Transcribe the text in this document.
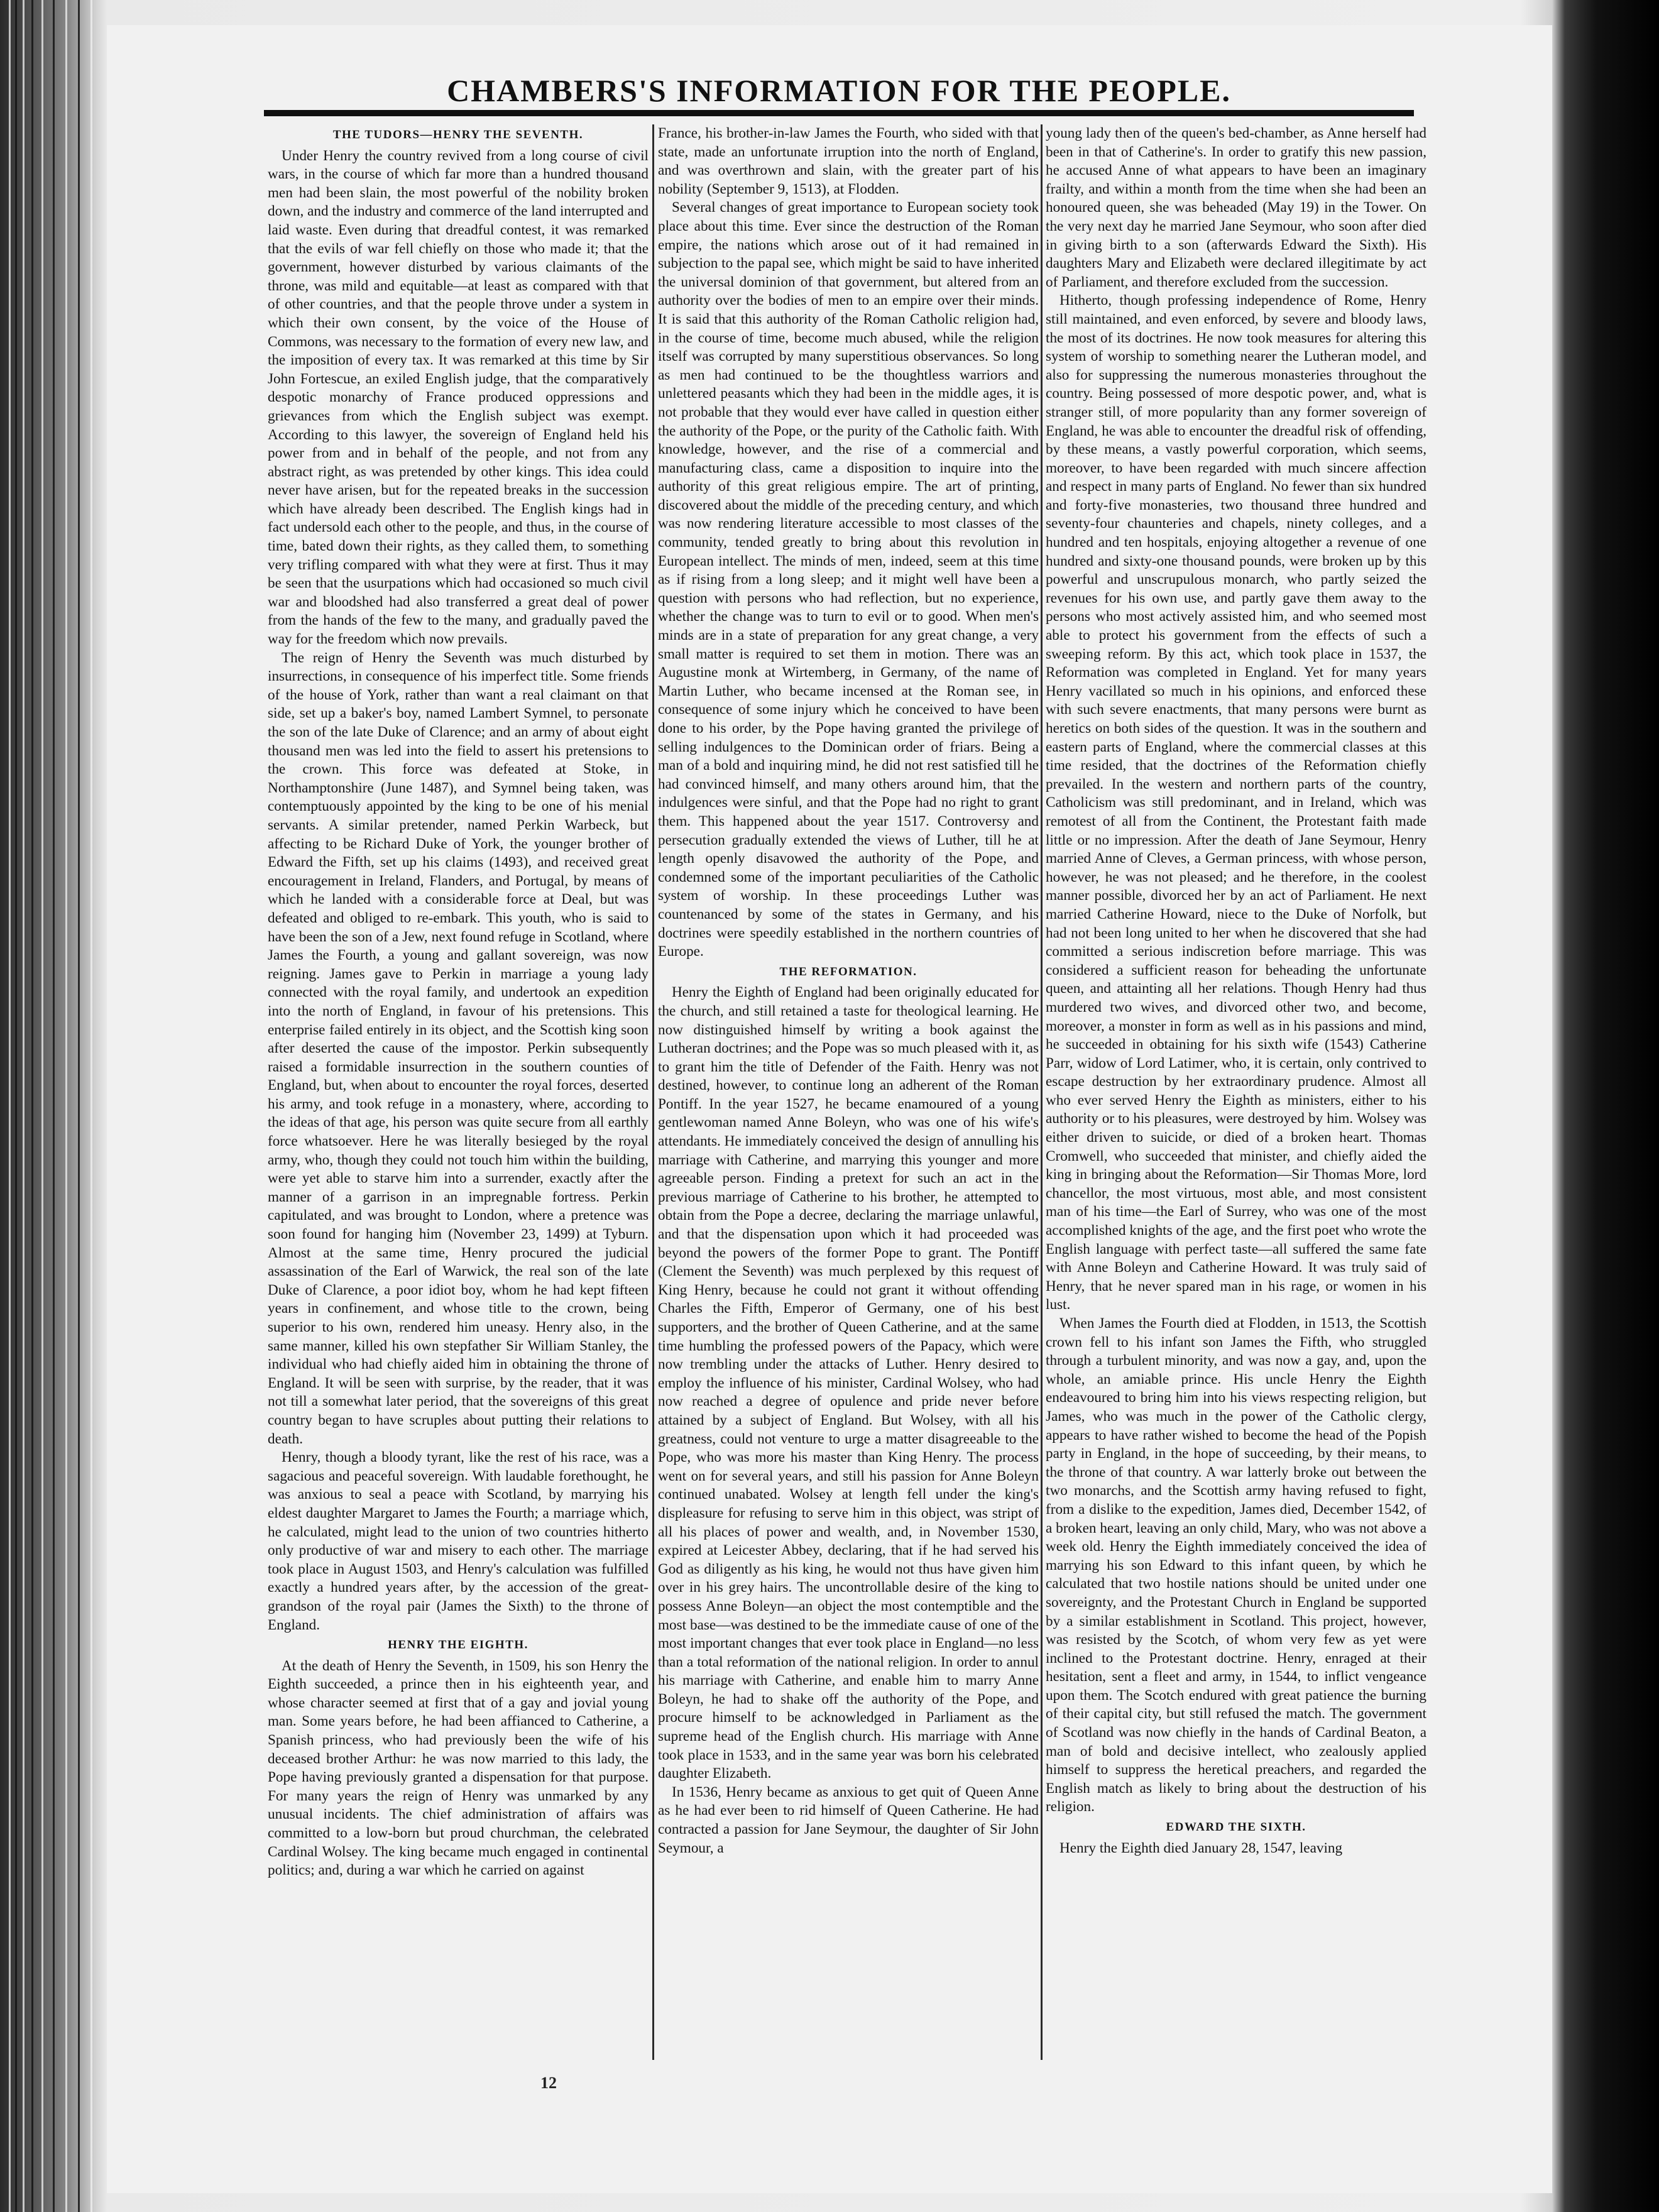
CHAMBERS'S INFORMATION FOR THE PEOPLE.
THE TUDORS—HENRY THE SEVENTH.

Under Henry the country revived from a long course of civil wars, in the course of which far more than a hundred thousand men had been slain, the most powerful of the nobility broken down, and the industry and commerce of the land interrupted and laid waste. Even during that dreadful contest, it was remarked that the evils of war fell chiefly on those who made it; that the government, however disturbed by various claimants of the throne, was mild and equitable—at least as compared with that of other countries, and that the people throve under a system in which their own consent, by the voice of the House of Commons, was necessary to the formation of every new law, and the imposition of every tax. It was remarked at this time by Sir John Fortescue, an exiled English judge, that the comparatively despotic monarchy of France produced oppressions and grievances from which the English subject was exempt. According to this lawyer, the sovereign of England held his power from and in behalf of the people, and not from any abstract right, as was pretended by other kings. This idea could never have arisen, but for the repeated breaks in the succession which have already been described. The English kings had in fact undersold each other to the people, and thus, in the course of time, bated down their rights, as they called them, to something very trifling compared with what they were at first. Thus it may be seen that the usurpations which had occasioned so much civil war and bloodshed had also transferred a great deal of power from the hands of the few to the many, and gradually paved the way for the freedom which now prevails.

The reign of Henry the Seventh was much disturbed by insurrections, in consequence of his imperfect title. Some friends of the house of York, rather than want a real claimant on that side, set up a baker's boy, named Lambert Symnel, to personate the son of the late Duke of Clarence; and an army of about eight thousand men was led into the field to assert his pretensions to the crown. This force was defeated at Stoke, in Northamptonshire (June 1487), and Symnel being taken, was contemptuously appointed by the king to be one of his menial servants. A similar pretender, named Perkin Warbeck, but affecting to be Richard Duke of York, the younger brother of Edward the Fifth, set up his claims (1493), and received great encouragement in Ireland, Flanders, and Portugal, by means of which he landed with a considerable force at Deal, but was defeated and obliged to re-embark. This youth, who is said to have been the son of a Jew, next found refuge in Scotland, where James the Fourth, a young and gallant sovereign, was now reigning. James gave to Perkin in marriage a young lady connected with the royal family, and undertook an expedition into the north of England, in favour of his pretensions. This enterprise failed entirely in its object, and the Scottish king soon after deserted the cause of the impostor. Perkin subsequently raised a formidable insurrection in the southern counties of England, but, when about to encounter the royal forces, deserted his army, and took refuge in a monastery, where, according to the ideas of that age, his person was quite secure from all earthly force whatsoever. Here he was literally besieged by the royal army, who, though they could not touch him within the building, were yet able to starve him into a surrender, exactly after the manner of a garrison in an impregnable fortress. Perkin capitulated, and was brought to London, where a pretence was soon found for hanging him (November 23, 1499) at Tyburn. Almost at the same time, Henry procured the judicial assassination of the Earl of Warwick, the real son of the late Duke of Clarence, a poor idiot boy, whom he had kept fifteen years in confinement, and whose title to the crown, being superior to his own, rendered him uneasy. Henry also, in the same manner, killed his own stepfather Sir William Stanley, the individual who had chiefly aided him in obtaining the throne of England. It will be seen with surprise, by the reader, that it was not till a somewhat later period, that the sovereigns of this great country began to have scruples about putting their relations to death.

Henry, though a bloody tyrant, like the rest of his race, was a sagacious and peaceful sovereign. With laudable forethought, he was anxious to seal a peace with Scotland, by marrying his eldest daughter Margaret to James the Fourth; a marriage which, he calculated, might lead to the union of two countries hitherto only productive of war and misery to each other. The marriage took place in August 1503, and Henry's calculation was fulfilled exactly a hundred years after, by the accession of the great-grandson of the royal pair (James the Sixth) to the throne of England.

HENRY THE EIGHTH.

At the death of Henry the Seventh, in 1509, his son Henry the Eighth succeeded, a prince then in his eighteenth year, and whose character seemed at first that of a gay and jovial young man. Some years before, he had been affianced to Catherine, a Spanish princess, who had previously been the wife of his deceased brother Arthur: he was now married to this lady, the Pope having previously granted a dispensation for that purpose. For many years the reign of Henry was unmarked by any unusual incidents. The chief administration of affairs was committed to a low-born but proud churchman, the celebrated Cardinal Wolsey. The king became much engaged in continental politics; and, during a war which he carried on against

France, his brother-in-law James the Fourth, who sided with that state, made an unfortunate irruption into the north of England, and was overthrown and slain, with the greater part of his nobility (September 9, 1513), at Flodden.

Several changes of great importance to European society took place about this time. Ever since the destruction of the Roman empire, the nations which arose out of it had remained in subjection to the papal see, which might be said to have inherited the universal dominion of that government, but altered from an authority over the bodies of men to an empire over their minds. It is said that this authority of the Roman Catholic religion had, in the course of time, become much abused, while the religion itself was corrupted by many superstitious observances. So long as men had continued to be the thoughtless warriors and unlettered peasants which they had been in the middle ages, it is not probable that they would ever have called in question either the authority of the Pope, or the purity of the Catholic faith. With knowledge, however, and the rise of a commercial and manufacturing class, came a disposition to inquire into the authority of this great religious empire. The art of printing, discovered about the middle of the preceding century, and which was now rendering literature accessible to most classes of the community, tended greatly to bring about this revolution in European intellect. The minds of men, indeed, seem at this time as if rising from a long sleep; and it might well have been a question with persons who had reflection, but no experience, whether the change was to turn to evil or to good. When men's minds are in a state of preparation for any great change, a very small matter is required to set them in motion. There was an Augustine monk at Wirtemberg, in Germany, of the name of Martin Luther, who became incensed at the Roman see, in consequence of some injury which he conceived to have been done to his order, by the Pope having granted the privilege of selling indulgences to the Dominican order of friars. Being a man of a bold and inquiring mind, he did not rest satisfied till he had convinced himself, and many others around him, that the indulgences were sinful, and that the Pope had no right to grant them. This happened about the year 1517. Controversy and persecution gradually extended the views of Luther, till he at length openly disavowed the authority of the Pope, and condemned some of the important peculiarities of the Catholic system of worship. In these proceedings Luther was countenanced by some of the states in Germany, and his doctrines were speedily established in the northern countries of Europe.

THE REFORMATION.

Henry the Eighth of England had been originally educated for the church, and still retained a taste for theological learning. He now distinguished himself by writing a book against the Lutheran doctrines; and the Pope was so much pleased with it, as to grant him the title of Defender of the Faith. Henry was not destined, however, to continue long an adherent of the Roman Pontiff. In the year 1527, he became enamoured of a young gentlewoman named Anne Boleyn, who was one of his wife's attendants. He immediately conceived the design of annulling his marriage with Catherine, and marrying this younger and more agreeable person. Finding a pretext for such an act in the previous marriage of Catherine to his brother, he attempted to obtain from the Pope a decree, declaring the marriage unlawful, and that the dispensation upon which it had proceeded was beyond the powers of the former Pope to grant. The Pontiff (Clement the Seventh) was much perplexed by this request of King Henry, because he could not grant it without offending Charles the Fifth, Emperor of Germany, one of his best supporters, and the brother of Queen Catherine, and at the same time humbling the professed powers of the Papacy, which were now trembling under the attacks of Luther. Henry desired to employ the influence of his minister, Cardinal Wolsey, who had now reached a degree of opulence and pride never before attained by a subject of England. But Wolsey, with all his greatness, could not venture to urge a matter disagreeable to the Pope, who was more his master than King Henry. The process went on for several years, and still his passion for Anne Boleyn continued unabated. Wolsey at length fell under the king's displeasure for refusing to serve him in this object, was stript of all his places of power and wealth, and, in November 1530, expired at Leicester Abbey, declaring, that if he had served his God as diligently as his king, he would not thus have given him over in his grey hairs. The uncontrollable desire of the king to possess Anne Boleyn—an object the most contemptible and the most base—was destined to be the immediate cause of one of the most important changes that ever took place in England—no less than a total reformation of the national religion. In order to annul his marriage with Catherine, and enable him to marry Anne Boleyn, he had to shake off the authority of the Pope, and procure himself to be acknowledged in Parliament as the supreme head of the English church. His marriage with Anne took place in 1533, and in the same year was born his celebrated daughter Elizabeth.

In 1536, Henry became as anxious to get quit of Queen Anne as he had ever been to rid himself of Queen Catherine. He had contracted a passion for Jane Seymour, the daughter of Sir John Seymour, a

young lady then of the queen's bed-chamber, as Anne herself had been in that of Catherine's. In order to gratify this new passion, he accused Anne of what appears to have been an imaginary frailty, and within a month from the time when she had been an honoured queen, she was beheaded (May 19) in the Tower. On the very next day he married Jane Seymour, who soon after died in giving birth to a son (afterwards Edward the Sixth). His daughters Mary and Elizabeth were declared illegitimate by act of Parliament, and therefore excluded from the succession.

Hitherto, though professing independence of Rome, Henry still maintained, and even enforced, by severe and bloody laws, the most of its doctrines. He now took measures for altering this system of worship to something nearer the Lutheran model, and also for suppressing the numerous monasteries throughout the country. Being possessed of more despotic power, and, what is stranger still, of more popularity than any former sovereign of England, he was able to encounter the dreadful risk of offending, by these means, a vastly powerful corporation, which seems, moreover, to have been regarded with much sincere affection and respect in many parts of England. No fewer than six hundred and forty-five monasteries, two thousand three hundred and seventy-four chaunteries and chapels, ninety colleges, and a hundred and ten hospitals, enjoying altogether a revenue of one hundred and sixty-one thousand pounds, were broken up by this powerful and unscrupulous monarch, who partly seized the revenues for his own use, and partly gave them away to the persons who most actively assisted him, and who seemed most able to protect his government from the effects of such a sweeping reform. By this act, which took place in 1537, the Reformation was completed in England. Yet for many years Henry vacillated so much in his opinions, and enforced these with such severe enactments, that many persons were burnt as heretics on both sides of the question. It was in the southern and eastern parts of England, where the commercial classes at this time resided, that the doctrines of the Reformation chiefly prevailed. In the western and northern parts of the country, Catholicism was still predominant, and in Ireland, which was remotest of all from the Continent, the Protestant faith made little or no impression. After the death of Jane Seymour, Henry married Anne of Cleves, a German princess, with whose person, however, he was not pleased; and he therefore, in the coolest manner possible, divorced her by an act of Parliament. He next married Catherine Howard, niece to the Duke of Norfolk, but had not been long united to her when he discovered that she had committed a serious indiscretion before marriage. This was considered a sufficient reason for beheading the unfortunate queen, and attainting all her relations. Though Henry had thus murdered two wives, and divorced other two, and become, moreover, a monster in form as well as in his passions and mind, he succeeded in obtaining for his sixth wife (1543) Catherine Parr, widow of Lord Latimer, who, it is certain, only contrived to escape destruction by her extraordinary prudence. Almost all who ever served Henry the Eighth as ministers, either to his authority or to his pleasures, were destroyed by him. Wolsey was either driven to suicide, or died of a broken heart. Thomas Cromwell, who succeeded that minister, and chiefly aided the king in bringing about the Reformation—Sir Thomas More, lord chancellor, the most virtuous, most able, and most consistent man of his time—the Earl of Surrey, who was one of the most accomplished knights of the age, and the first poet who wrote the English language with perfect taste—all suffered the same fate with Anne Boleyn and Catherine Howard. It was truly said of Henry, that he never spared man in his rage, or women in his lust.

When James the Fourth died at Flodden, in 1513, the Scottish crown fell to his infant son James the Fifth, who struggled through a turbulent minority, and was now a gay, and, upon the whole, an amiable prince. His uncle Henry the Eighth endeavoured to bring him into his views respecting religion, but James, who was much in the power of the Catholic clergy, appears to have rather wished to become the head of the Popish party in England, in the hope of succeeding, by their means, to the throne of that country. A war latterly broke out between the two monarchs, and the Scottish army having refused to fight, from a dislike to the expedition, James died, December 1542, of a broken heart, leaving an only child, Mary, who was not above a week old. Henry the Eighth immediately conceived the idea of marrying his son Edward to this infant queen, by which he calculated that two hostile nations should be united under one sovereignty, and the Protestant Church in England be supported by a similar establishment in Scotland. This project, however, was resisted by the Scotch, of whom very few as yet were inclined to the Protestant doctrine. Henry, enraged at their hesitation, sent a fleet and army, in 1544, to inflict vengeance upon them. The Scotch endured with great patience the burning of their capital city, but still refused the match. The government of Scotland was now chiefly in the hands of Cardinal Beaton, a man of bold and decisive intellect, who zealously applied himself to suppress the heretical preachers, and regarded the English match as likely to bring about the destruction of his religion.

EDWARD THE SIXTH.

Henry the Eighth died January 28, 1547, leaving

12
